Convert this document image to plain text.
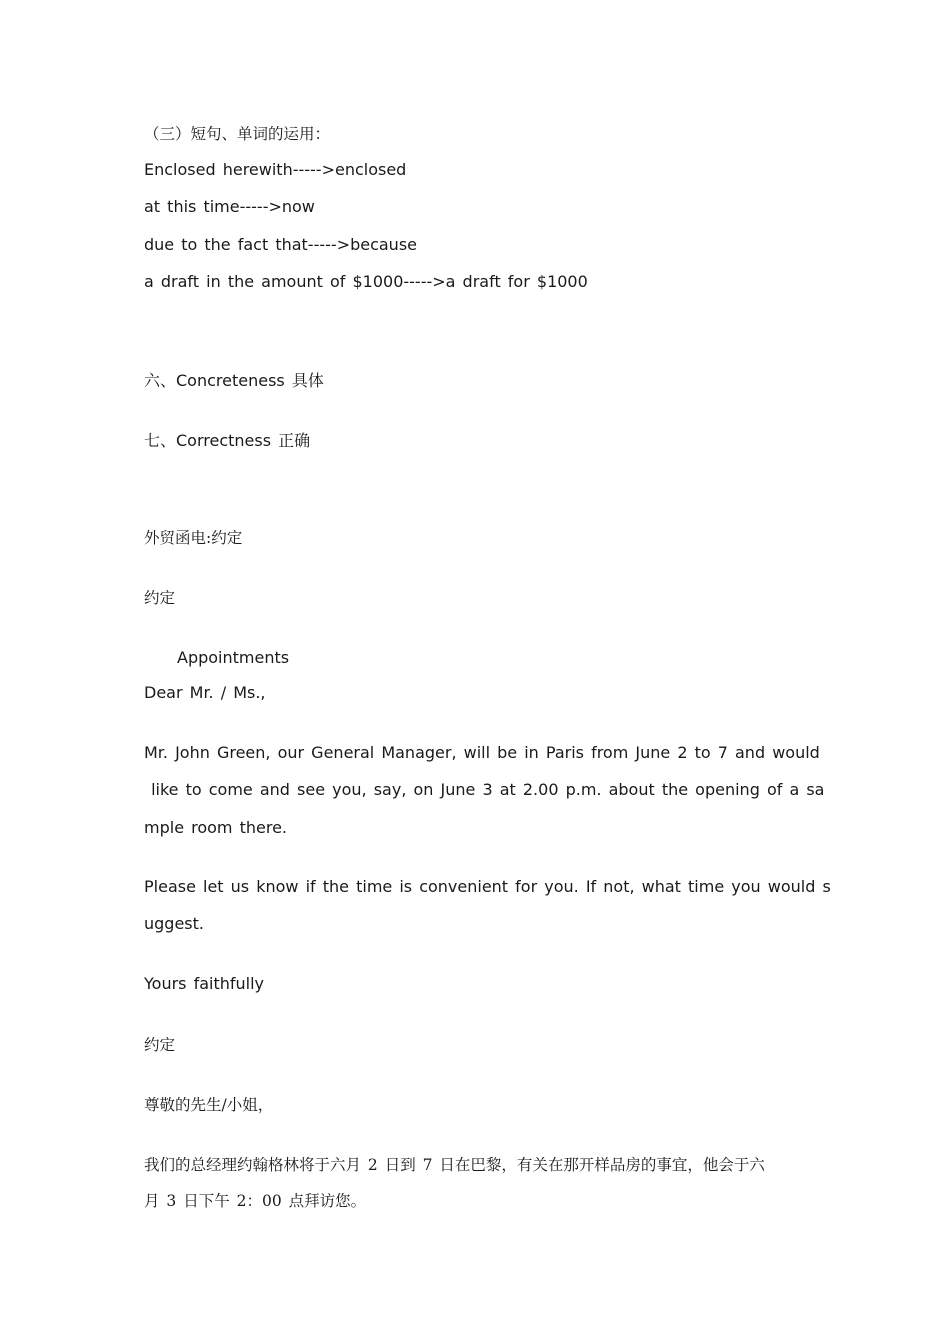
（三）短句、单词的运用：
Enclosed herewith----->enclosed
at this time----->now
due to the fact that----->because
a draft in the amount of $1000----->a draft for $1000
六、Concreteness 具体
七、Correctness 正确
外贸函电:约定
约定
Appointments
Dear Mr. / Ms.,
Mr. John Green, our General Manager, will be in Paris from June 2 to 7 and would
like to come and see you, say, on June 3 at 2.00 p.m. about the opening of a sa
mple room there.
Please let us know if the time is convenient for you. If not, what time you would s
uggest.
Yours faithfully
约定
尊敬的先生/小姐，
我们的总经理约翰格林将于六月 2 日到 7 日在巴黎，有关在那开样品房的事宜，他会于六
月 3 日下午 2：00 点拜访您。
